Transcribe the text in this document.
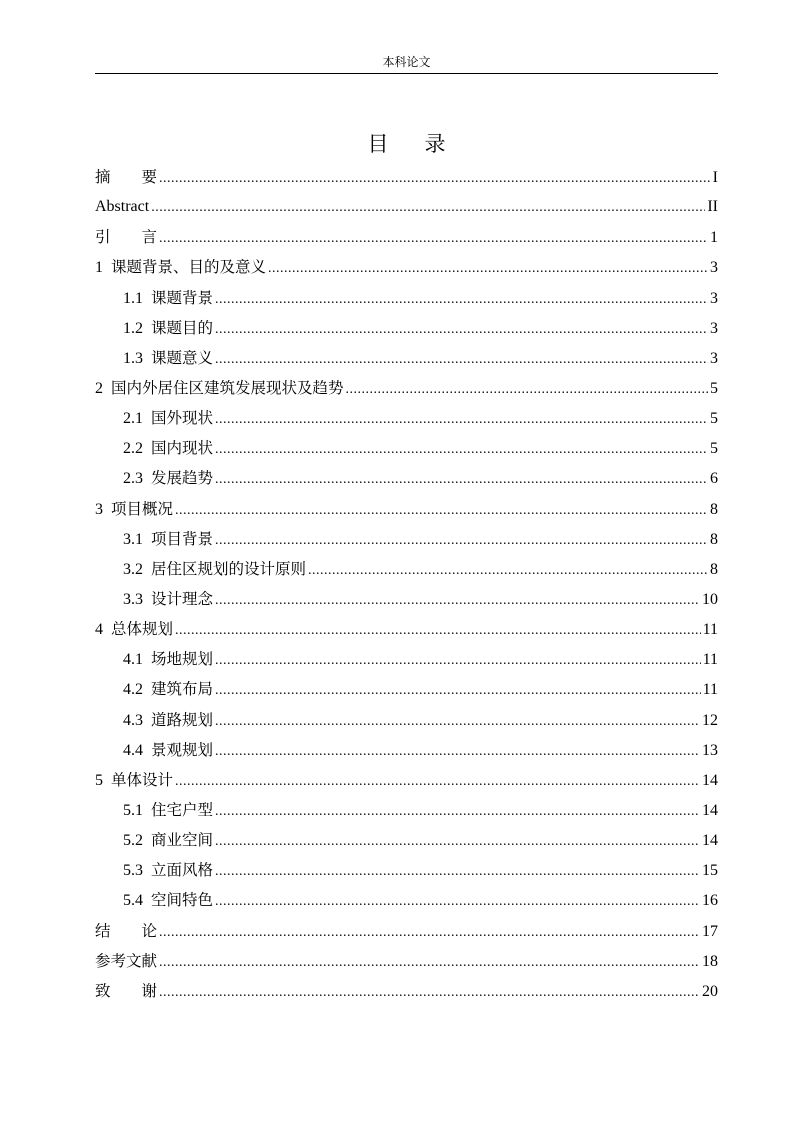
本科论文
目录
摘　　要 .....	I
Abstract .....	II
引　　言 .....	1
1 课题背景、目的及意义 .....	3
1.1 课题背景 .....	3
1.2 课题目的 .....	3
1.3 课题意义 .....	3
2 国内外居住区建筑发展现状及趋势 .....	5
2.1 国外现状 .....	5
2.2 国内现状 .....	5
2.3 发展趋势 .....	6
3 项目概况 .....	8
3.1 项目背景 .....	8
3.2 居住区规划的设计原则 .....	8
3.3 设计理念 .....	10
4 总体规划 .....	11
4.1 场地规划 .....	11
4.2 建筑布局 .....	11
4.3 道路规划 .....	12
4.4 景观规划 .....	13
5 单体设计 .....	14
5.1 住宅户型 .....	14
5.2 商业空间 .....	14
5.3 立面风格 .....	15
5.4 空间特色 .....	16
结　　论 .....	17
参考文献 .....	18
致　　谢 .....	20
